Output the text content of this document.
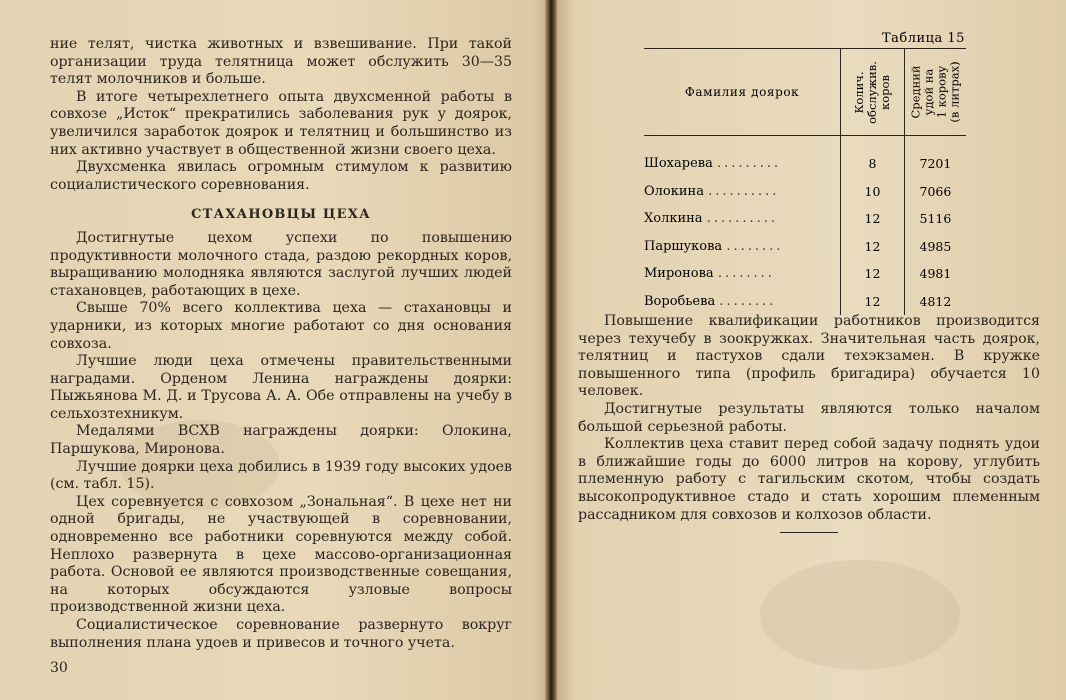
ние телят, чистка животных и взвешивание. При такой организации труда телятница может обслужить 30—35 телят молочников и больше.

В итоге четырехлетнего опыта двухсменной работы в совхозе „Исток“ прекратились заболевания рук у доярок, увеличился заработок доярок и телятниц и большинство из них активно участвует в общественной жизни своего цеха.

Двухсменка явилась огромным стимулом к развитию социалистического соревнования.

СТАХАНОВЦЫ ЦЕХА

Достигнутые цехом успехи по повышению продуктивности молочного стада, раздою рекордных коров, выращиванию молодняка являются заслугой лучших людей стахановцев, работающих в цехе.

Свыше 70% всего коллектива цеха — стахановцы и ударники, из которых многие работают со дня основания совхоза.

Лучшие люди цеха отмечены правительственными наградами. Орденом Ленина награждены доярки: Пыжьянова М. Д. и Трусова А. А. Обе отправлены на учебу в сельхозтехникум.

Медалями ВСХВ награждены доярки: Олокина, Паршукова, Миронова.

Лучшие доярки цеха добились в 1939 году высоких удоев (см. табл. 15).

Цех соревнуется с совхозом „Зональная“. В цехе нет ни одной бригады, не участвующей в соревновании, одновременно все работники соревнуются между собой. Неплохо развернута в цехе массово-организационная работа. Основой ее являются производственные совещания, на которых обсуждаются узловые вопросы производственной жизни цеха.

Социалистическое соревнование развернуто вокруг выполнения плана удоев и привесов и точного учета.

30
Таблица 15
Фамилия доярок	Колич.
обслужив.
коров	Средний
удой на
1 корову
(в литрах)
Шохарева .........	8	7201
Олокина ..........	10	7066
Холкина ..........	12	5116
Паршукова ........	12	4985
Миронова ........	12	4981
Воробьева ........	12	4812

Повышение квалификации работников производится через техучебу в зоокружках. Значительная часть доярок, телятниц и пастухов сдали техэкзамен. В кружке повышенного типа (профиль бригадира) обучается 10 человек.

Достигнутые результаты являются только началом большой серьезной работы.

Коллектив цеха ставит перед собой задачу поднять удои в ближайшие годы до 6000 литров на корову, углубить племенную работу с тагильским скотом, чтобы создать высокопродуктивное стадо и стать хорошим племенным рассадником для совхозов и колхозов области.
